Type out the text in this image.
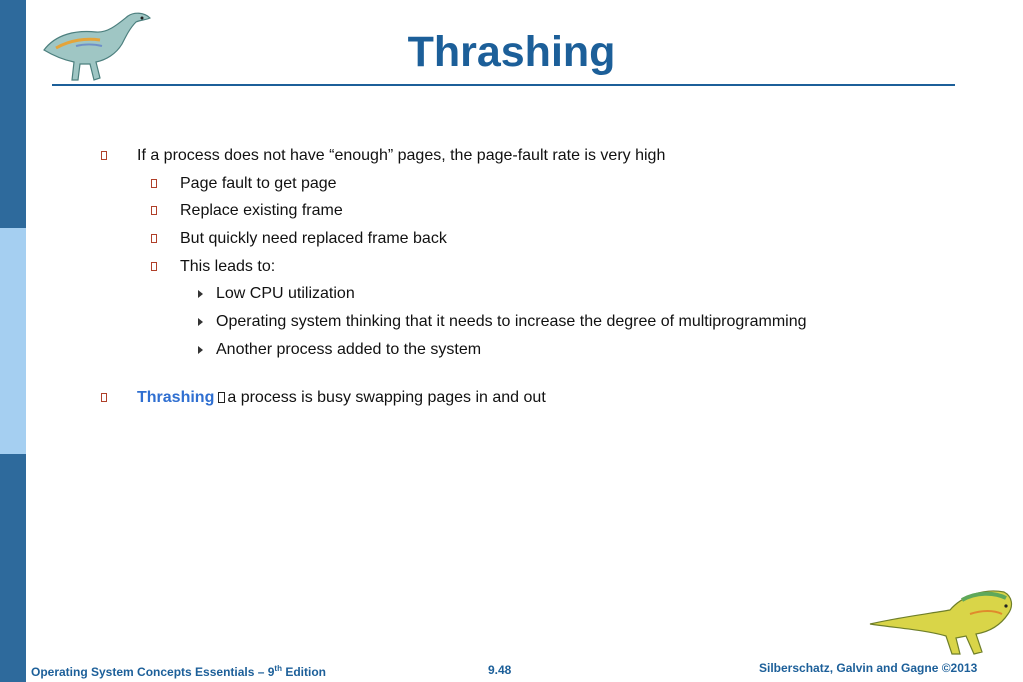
Thrashing
If a process does not have “enough” pages, the page-fault rate is very high
Page fault to get page
Replace existing frame
But quickly need replaced frame back
This leads to:
Low CPU utilization
Operating system thinking that it needs to increase the degree of multiprogramming
Another process added to the system
Thrashing a process is busy swapping pages in and out
Operating System Concepts Essentials – 9th Edition	9.48	Silberschatz, Galvin and Gagne ©2013
